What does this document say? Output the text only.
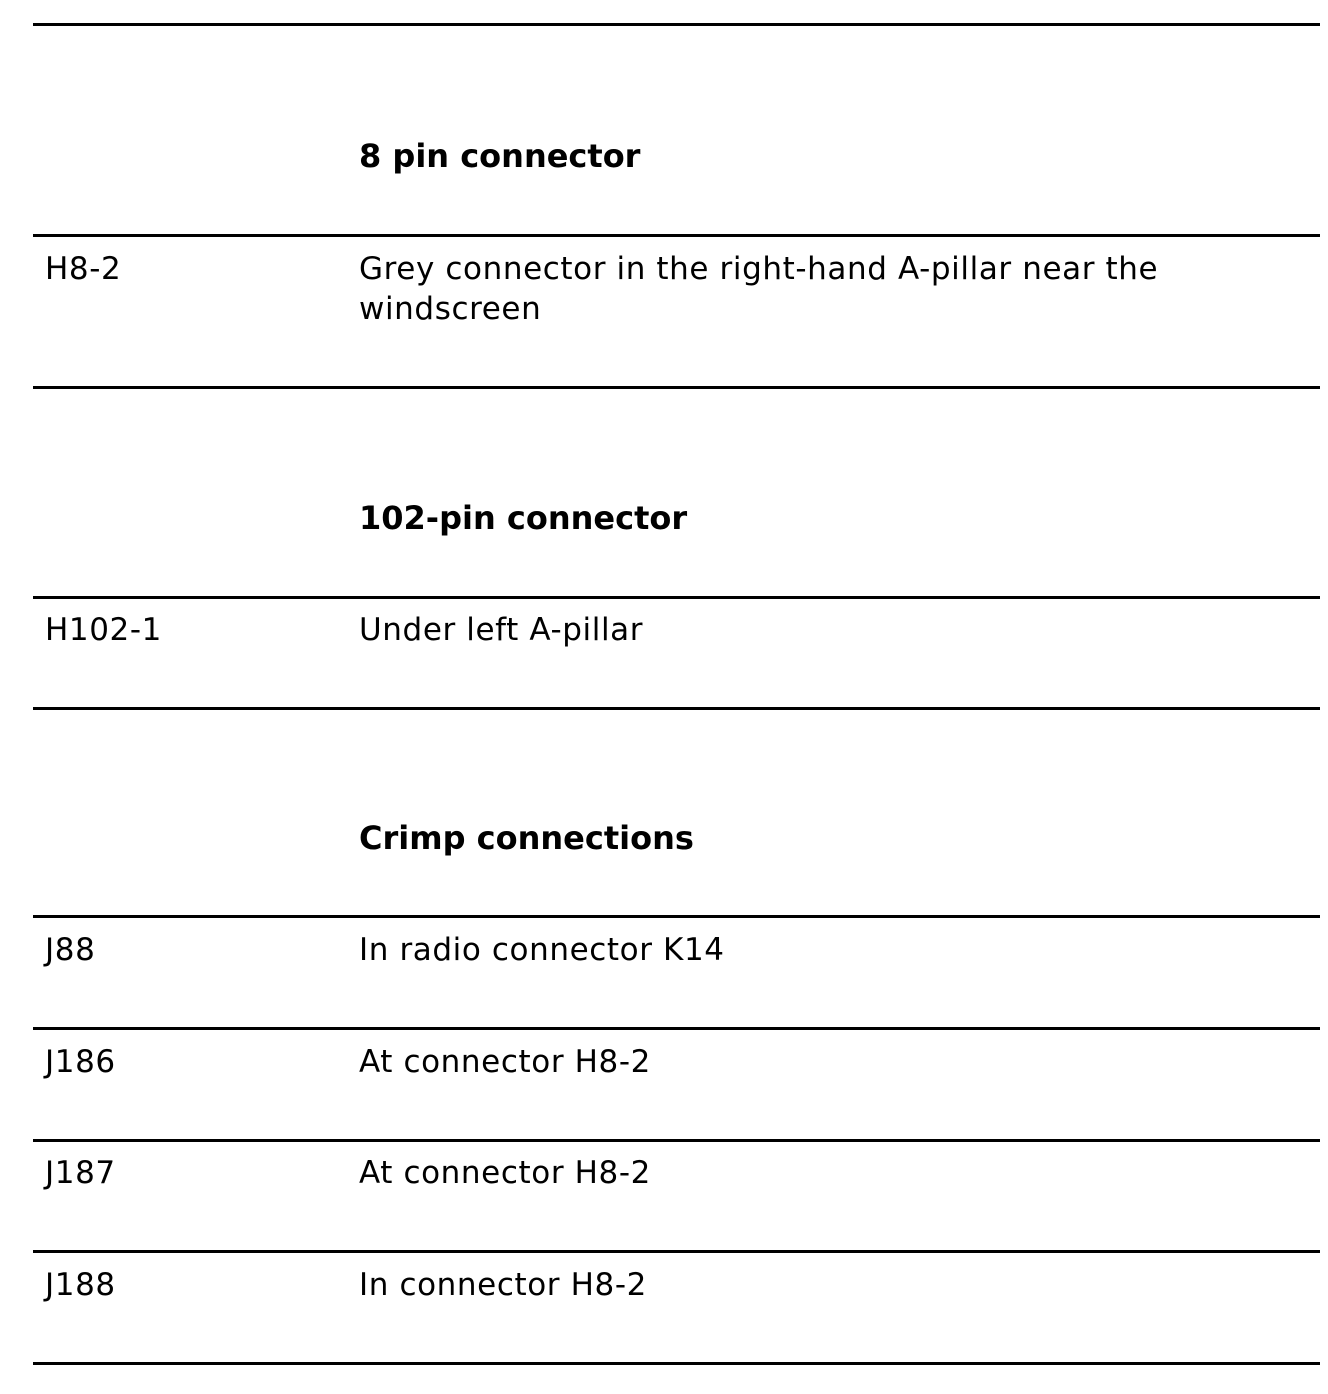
8 pin connector
H8-2	Grey connector in the right-hand A-pillar near the windscreen
102-pin connector
H102-1	Under left A-pillar
Crimp connections
J88	In radio connector K14
J186	At connector H8-2
J187	At connector H8-2
J188	In connector H8-2
